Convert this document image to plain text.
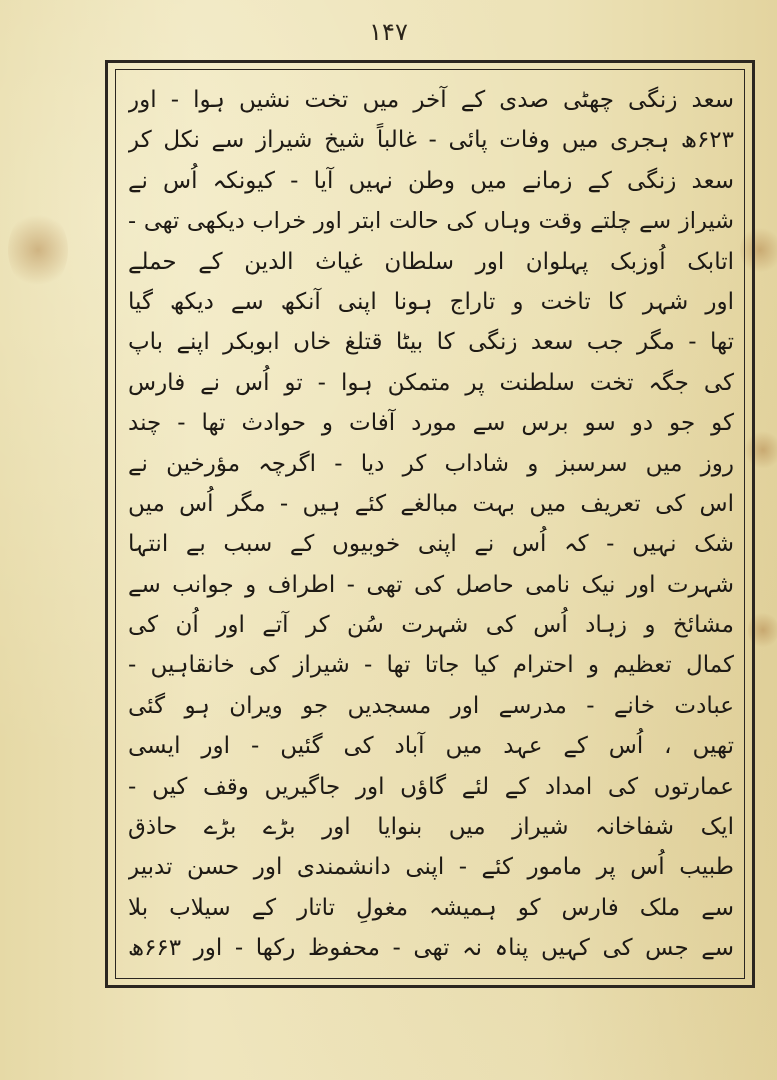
۱۴۷
سعد زنگی چھٹی صدی کے آخر میں تخت نشیں ہوا - اور
۶۲۳ھ ہجری میں وفات پائی - غالباً شیخ شیراز سے نکل کر
سعد زنگی کے زمانے میں وطن نہیں آیا - کیونکہ اُس نے
شیراز سے چلتے وقت وہاں کی حالت ابتر اور خراب دیکھی تھی -
اتابک اُوزبک پہلوان اور سلطان غیاث الدین کے حملے
اور شہر کا تاخت و تاراج ہونا اپنی آنکھ سے دیکھ گیا
تھا - مگر جب سعد زنگی کا بیٹا قتلغ خاں ابوبکر اپنے باپ
کی جگہ تخت سلطنت پر متمکن ہوا - تو اُس نے فارس
کو جو دو سو برس سے مورد آفات و حوادث تھا - چند
روز میں سرسبز و شاداب کر دیا - اگرچہ مؤرخین نے
اس کی تعریف میں بہت مبالغے کئے ہیں - مگر اُس میں
شک نہیں - کہ اُس نے اپنی خوبیوں کے سبب بے انتہا
شہرت اور نیک نامی حاصل کی تھی - اطراف و جوانب سے
مشائخ و زہاد اُس کی شہرت سُن کر آتے اور اُن کی
کمال تعظیم و احترام کیا جاتا تھا - شیراز کی خانقاہیں -
عبادت خانے - مدرسے اور مسجدیں جو ویران ہو گئی
تھیں ، اُس کے عہد میں آباد کی گئیں - اور ایسی
عمارتوں کی امداد کے لئے گاؤں اور جاگیریں وقف کیں -
ایک شفاخانہ شیراز میں بنوایا اور بڑے بڑے حاذق
طبیب اُس پر مامور کئے - اپنی دانشمندی اور حسن تدبیر
سے ملک فارس کو ہمیشہ مغولِ تاتار کے سیلاب بلا
سے جس کی کہیں پناہ نہ تھی - محفوظ رکھا - اور ۶۶۳ھ
